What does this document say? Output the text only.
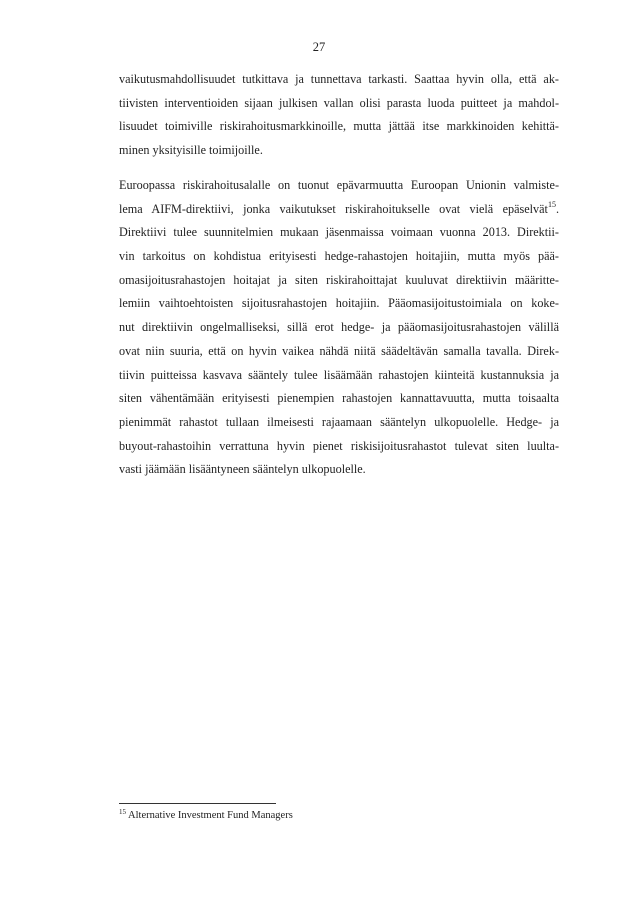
27
vaikutusmahdollisuudet tutkittava ja tunnettava tarkasti. Saattaa hyvin olla, että ak-
tiivisten interventioiden sijaan julkisen vallan olisi parasta luoda puitteet ja mahdol-
lisuudet toimiville riskirahoitusmarkkinoille, mutta jättää itse markkinoiden kehittä-
minen yksityisille toimijoille.
Euroopassa riskirahoitusalalle on tuonut epävarmuutta Euroopan Unionin valmiste-
lema AIFM-direktiivi, jonka vaikutukset riskirahoitukselle ovat vielä epäselvät$^{15}$.
Direktiivi tulee suunnitelmien mukaan jäsenmaissa voimaan vuonna 2013. Direktii-
vin tarkoitus on kohdistua erityisesti hedge-rahastojen hoitajiin, mutta myös pää-
omasijoitusrahastojen hoitajat ja siten riskirahoittajat kuuluvat direktiivin määritte-
lemiin vaihtoehtoisten sijoitusrahastojen hoitajiin. Pääomasijoitustoimiala on koke-
nut direktiivin ongelmalliseksi, sillä erot hedge- ja pääomasijoitusrahastojen välillä
ovat niin suuria, että on hyvin vaikea nähdä niitä säädeltävän samalla tavalla. Direk-
tiivin puitteissa kasvava sääntely tulee lisäämään rahastojen kiinteitä kustannuksia ja
siten vähentämään erityisesti pienempien rahastojen kannattavuutta, mutta toisaalta
pienimmät rahastot tullaan ilmeisesti rajaamaan sääntelyn ulkopuolelle. Hedge- ja
buyout-rahastoihin verrattuna hyvin pienet riskisijoitusrahastot tulevat siten luulta-
vasti jäämään lisääntyneen sääntelyn ulkopuolelle.
$^{15}$ Alternative Investment Fund Managers
